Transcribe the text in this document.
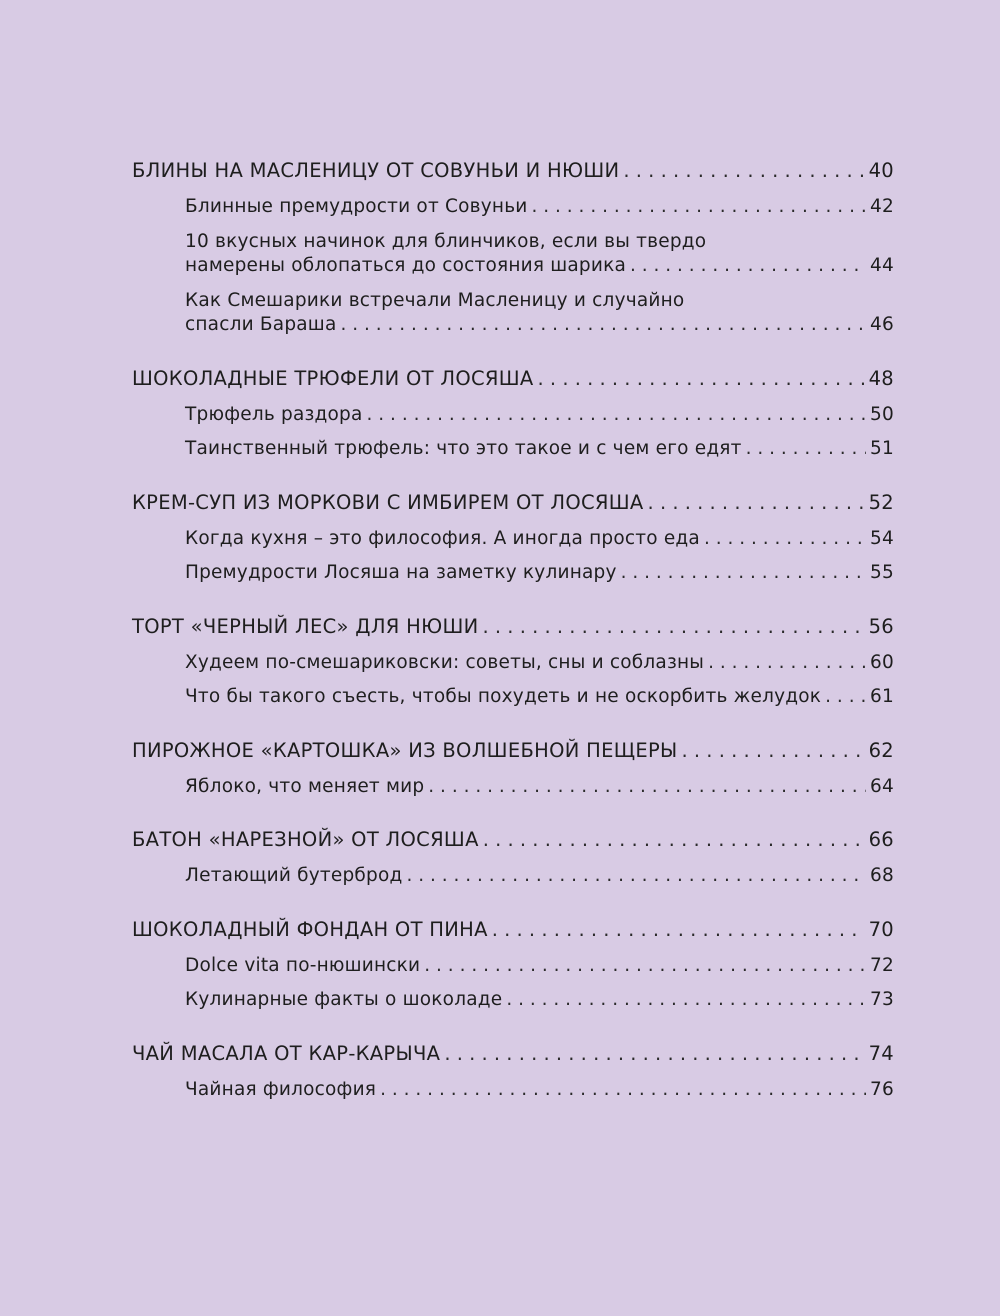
БЛИНЫ НА МАСЛЕНИЦУ ОТ СОВУНЬИ И НЮШИ . . .	40
Блинные премудрости от Совуньи . . .	42
10 вкусных начинок для блинчиков, если вы твердо
намерены облопаться до состояния шарика . . .	44
Как Смешарики встречали Масленицу и случайно
спасли Бараша . . .	46
ШОКОЛАДНЫЕ ТРЮФЕЛИ ОТ ЛОСЯША . . .	48
Трюфель раздора . . .	50
Таинственный трюфель: что это такое и с чем его едят . . .	51
КРЕМ-СУП ИЗ МОРКОВИ С ИМБИРЕМ ОТ ЛОСЯША . . .	52
Когда кухня – это философия. А иногда просто еда . . .	54
Премудрости Лосяша на заметку кулинару . . .	55
ТОРТ «ЧЕРНЫЙ ЛЕС» ДЛЯ НЮШИ . . .	56
Худеем по-смешариковски: советы, сны и соблазны . . .	60
Что бы такого съесть, чтобы похудеть и не оскорбить желудок . . .	61
ПИРОЖНОЕ «КАРТОШКА» ИЗ ВОЛШЕБНОЙ ПЕЩЕРЫ . . .	62
Яблоко, что меняет мир . . .	64
БАТОН «НАРЕЗНОЙ» ОТ ЛОСЯША . . .	66
Летающий бутерброд . . .	68
ШОКОЛАДНЫЙ ФОНДАН ОТ ПИНА . . .	70
Dolce vita по-нюшински . . .	72
Кулинарные факты о шоколаде . . .	73
ЧАЙ МАСАЛА ОТ КАР-КАРЫЧА . . .	74
Чайная философия . . .	76
